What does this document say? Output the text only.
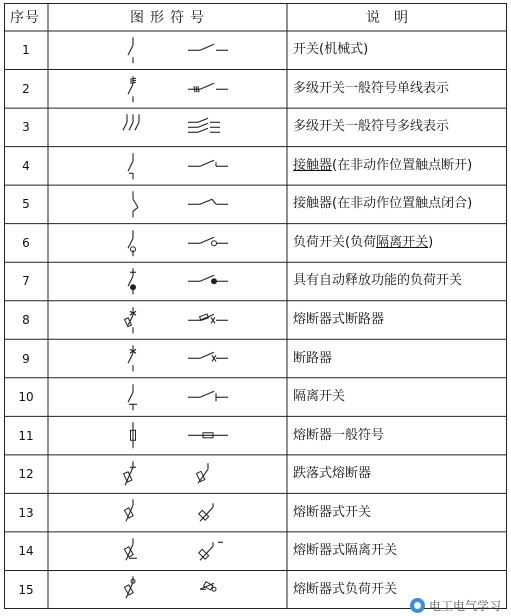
序号	图形符号	说明
1	开关(机械式)
2	多级开关一般符号单线表示
3	多级开关一般符号多线表示
4	接触器(在非动作位置触点断开)
5	接触器(在非动作位置触点闭合)
6	负荷开关(负荷隔离开关)
7	具有自动释放功能的负荷开关
8	熔断器式断路器
9	断路器
10	隔离开关
11	熔断器一般符号
12	跌落式熔断器
13	熔断器式开关
14	熔断器式隔离开关
15	熔断器式负荷开关
电工电气学习
